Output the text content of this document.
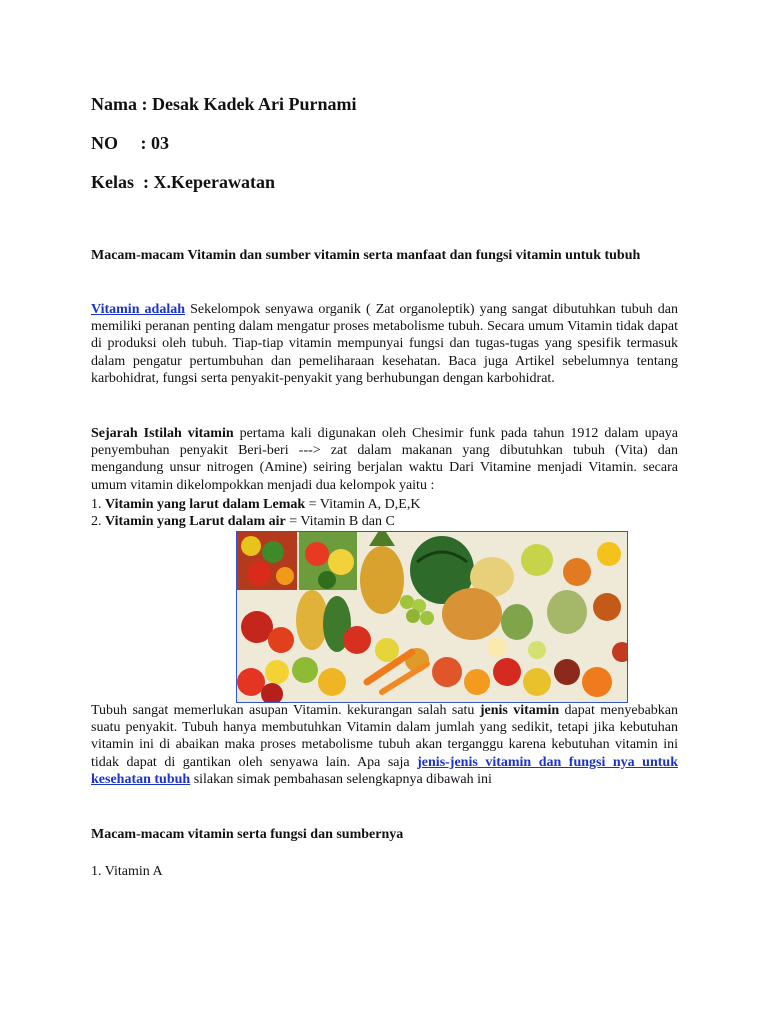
Nama : Desak Kadek Ari Purnami
NO     : 03
Kelas  : X.Keperawatan
Macam-macam Vitamin dan sumber vitamin serta manfaat dan fungsi vitamin untuk tubuh
Vitamin adalah Sekelompok senyawa organik ( Zat organoleptik) yang sangat dibutuhkan tubuh dan memiliki peranan penting dalam mengatur proses metabolisme tubuh. Secara umum Vitamin tidak dapat di produksi oleh tubuh. Tiap-tiap vitamin mempunyai fungsi dan tugas-tugas yang spesifik termasuk dalam pengatur pertumbuhan dan pemeliharaan kesehatan. Baca juga Artikel sebelumnya tentang karbohidrat, fungsi serta penyakit-penyakit yang berhubungan dengan karbohidrat.
Sejarah Istilah vitamin pertama kali digunakan oleh Chesimir funk pada tahun 1912 dalam upaya penyembuhan penyakit Beri-beri ---> zat dalam makanan yang dibutuhkan tubuh (Vita) dan mengandung unsur nitrogen (Amine) seiring berjalan waktu Dari Vitamine menjadi Vitamin. secara umum vitamin dikelompokkan menjadi dua kelompok yaitu :
1. Vitamin yang larut dalam Lemak = Vitamin A, D,E,K
2. Vitamin yang Larut dalam air = Vitamin B dan C
Tubuh sangat memerlukan asupan Vitamin. kekurangan salah satu jenis vitamin dapat menyebabkan suatu penyakit. Tubuh hanya membutuhkan Vitamin dalam jumlah yang sedikit, tetapi jika kebutuhan vitamin ini di abaikan maka proses metabolisme tubuh akan terganggu karena kebutuhan vitamin ini tidak dapat di gantikan oleh senyawa lain. Apa saja jenis-jenis vitamin dan fungsi nya untuk kesehatan tubuh silakan simak pembahasan selengkapnya dibawah ini
Macam-macam vitamin serta fungsi dan sumbernya
1. Vitamin A
